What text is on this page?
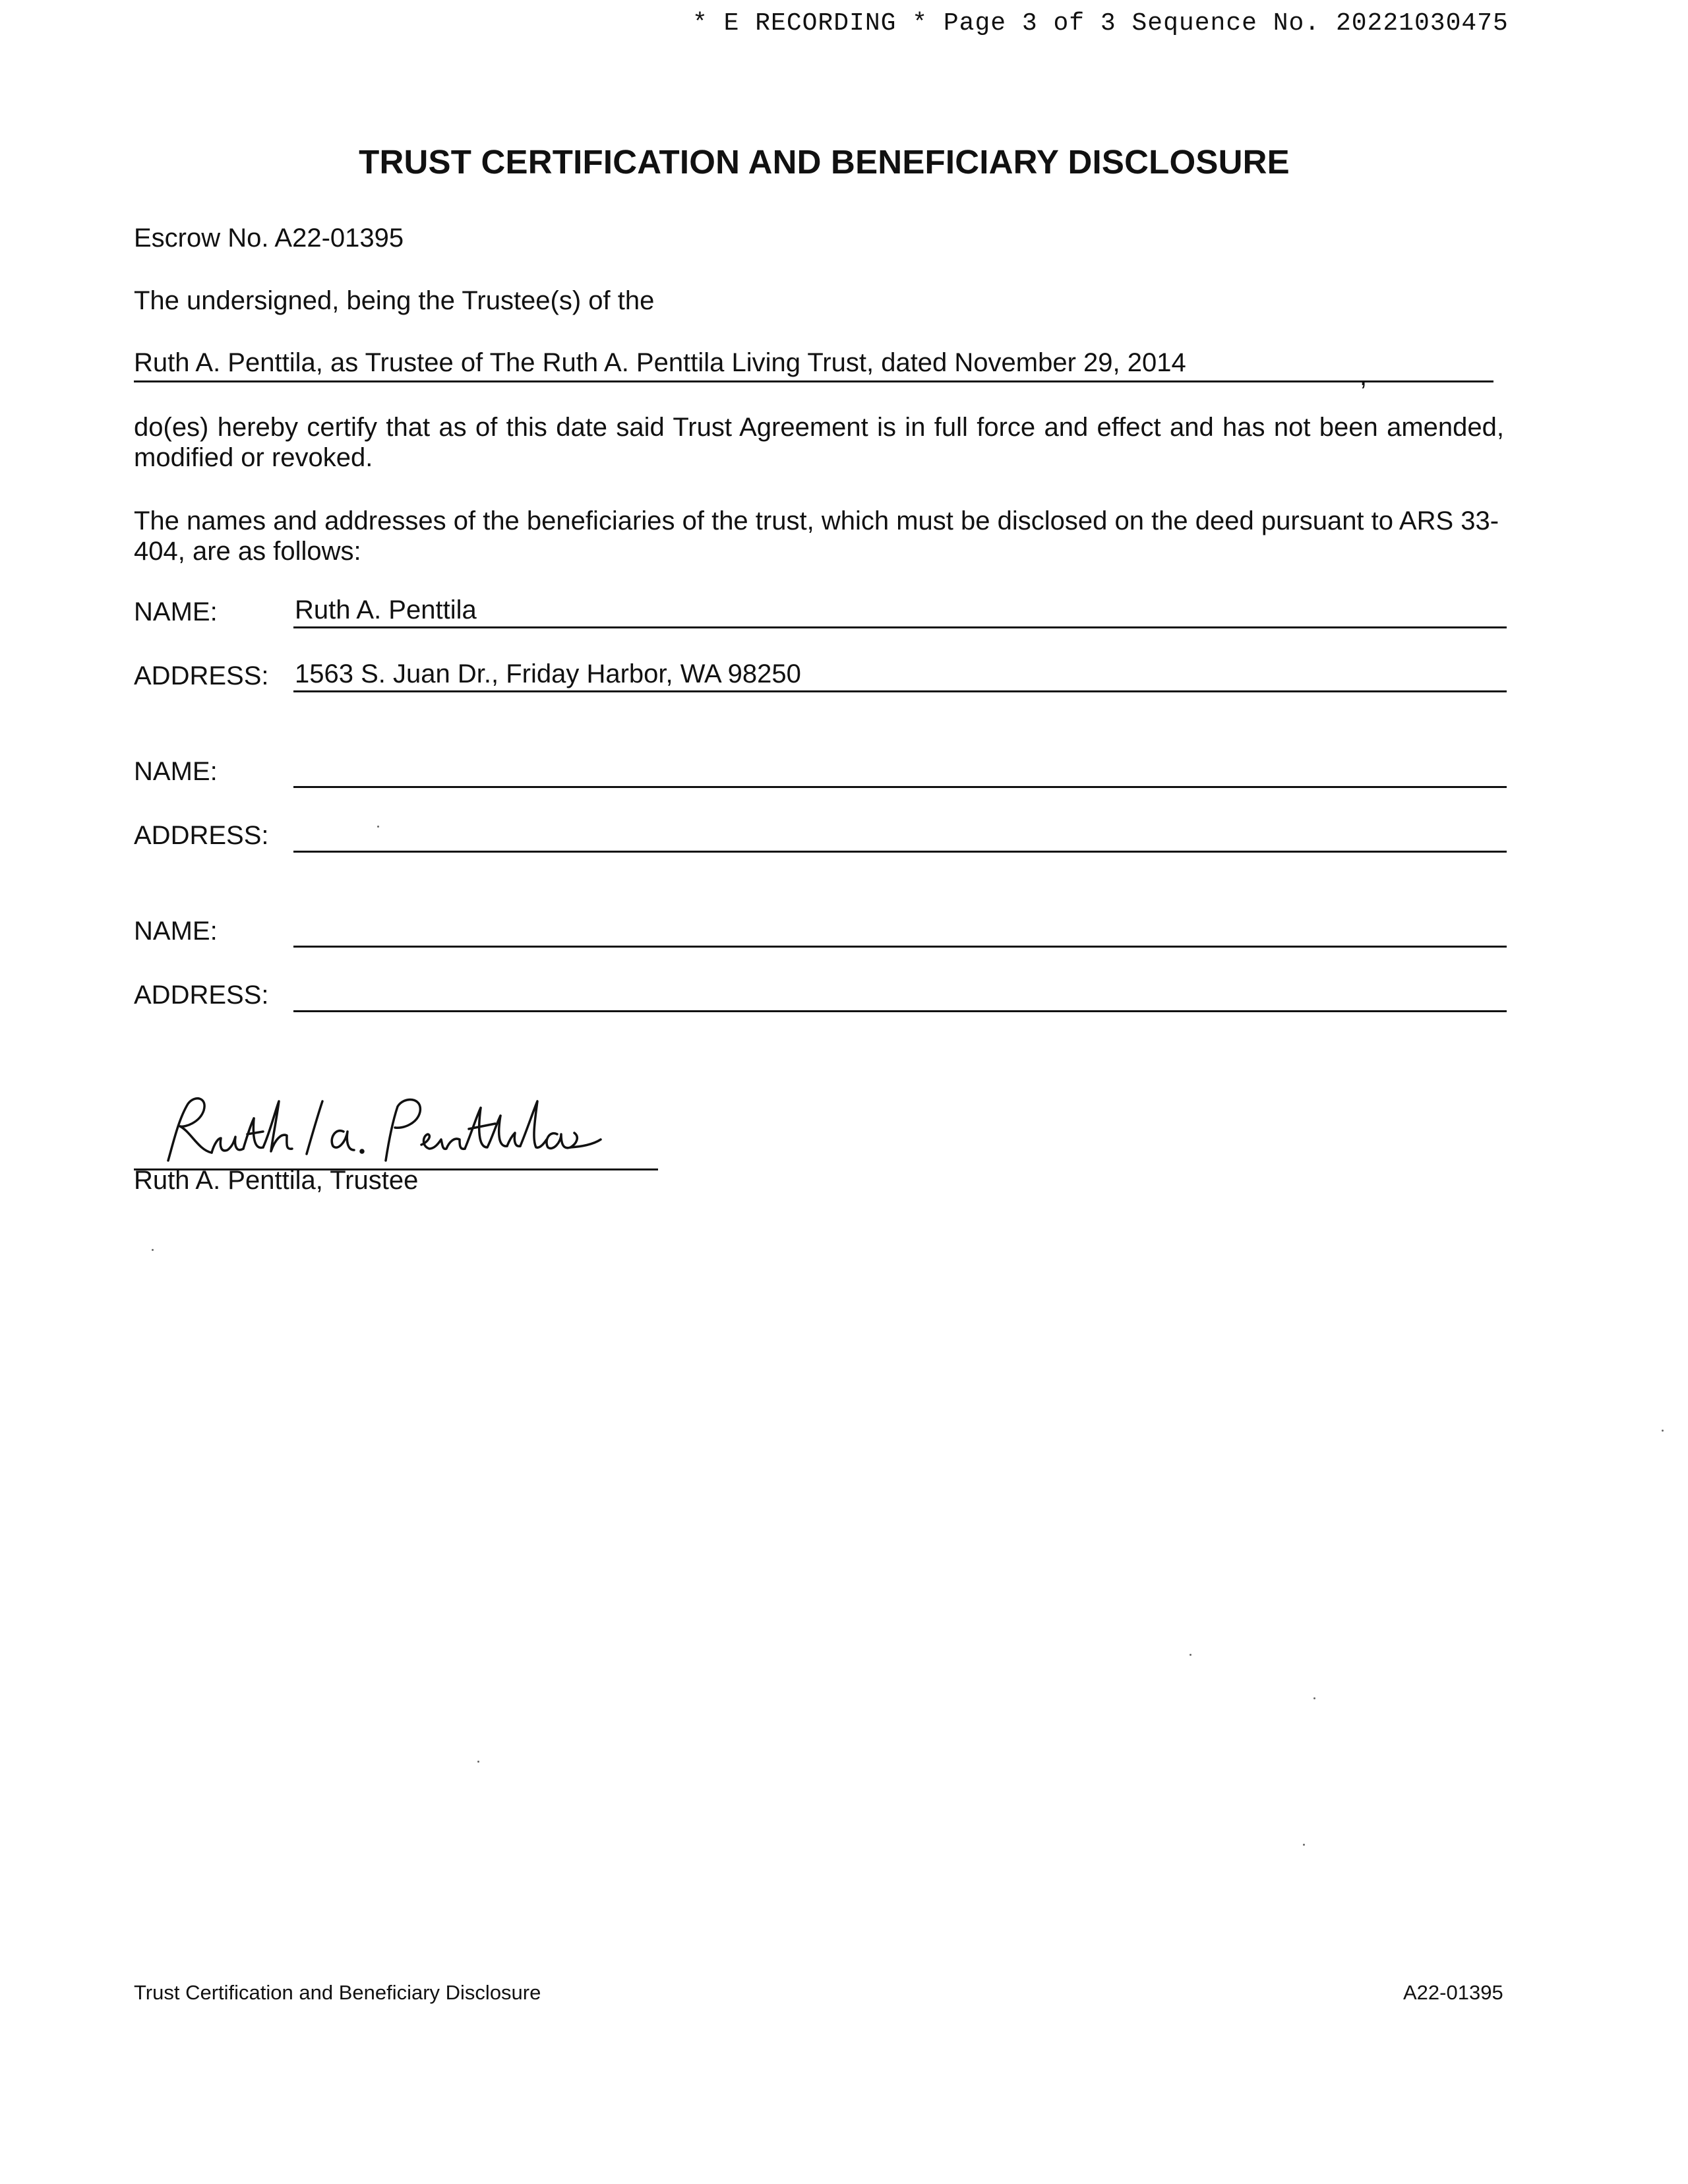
* E RECORDING * Page 3 of 3 Sequence No. 20221030475
TRUST CERTIFICATION AND BENEFICIARY DISCLOSURE
Escrow No. A22-01395
The undersigned, being the Trustee(s) of the
Ruth A. Penttila, as Trustee of The Ruth A. Penttila Living Trust, dated November 29, 2014	,
do(es) hereby certify that as of this date said Trust Agreement is in full force and effect and has not been amended, modified or revoked.
The names and addresses of the beneficiaries of the trust, which must be disclosed on the deed pursuant to ARS 33-404, are as follows:
NAME:	Ruth A. Penttila
ADDRESS: 1563 S. Juan Dr., Friday Harbor, WA 98250
NAME:
ADDRESS:
NAME:
ADDRESS:
Ruth A. Penttila, Trustee
Trust Certification and Beneficiary Disclosure	A22-01395
